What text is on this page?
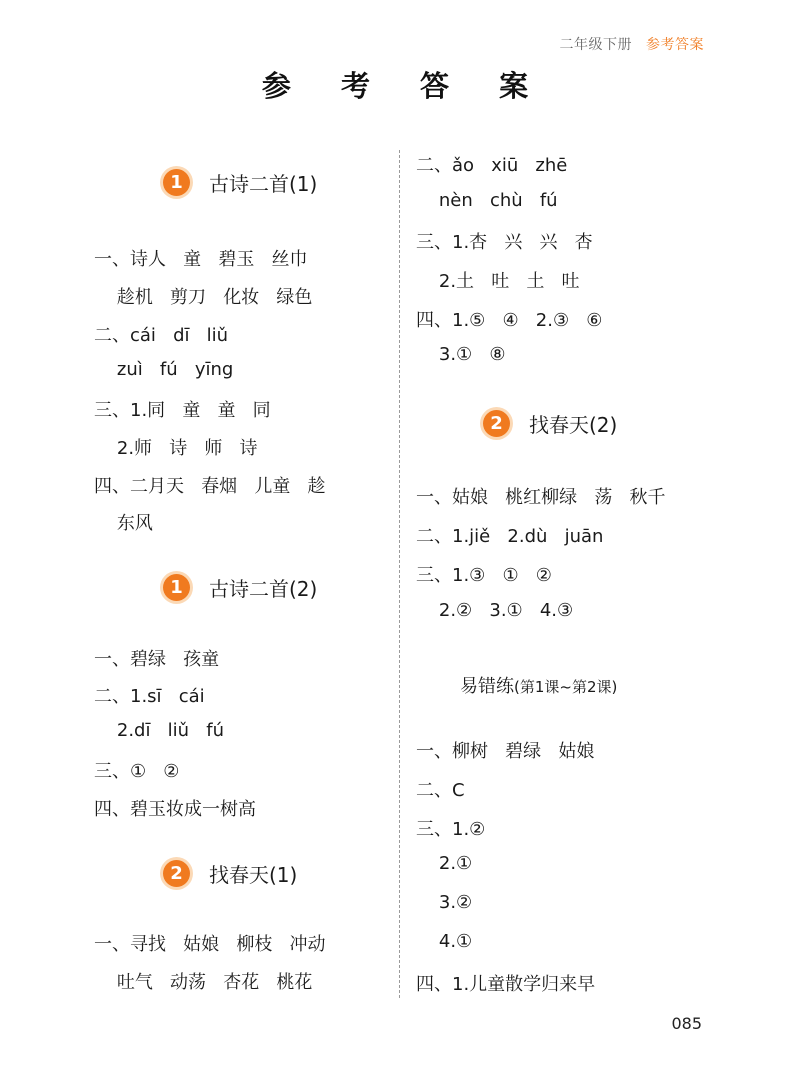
二年级下册 参考答案
参 考 答 案
1	古诗二首(1)
一、诗人   童   碧玉   丝巾
趁机   剪刀   化妆   绿色
二、cái   dī   liǔ
zuì   fú   yīng
三、1.同   童   童   同
2.师   诗   师   诗
四、二月天   春烟   儿童   趁
东风
1	古诗二首(2)
一、碧绿   孩童
二、1.sī   cái
2.dī   liǔ   fú
三、①   ②
四、碧玉妆成一树高
2	找春天(1)
一、寻找   姑娘   柳枝   冲动
吐气   动荡   杏花   桃花
二、ǎo   xiū   zhē
nèn   chù   fú
三、1.杏   兴   兴   杏
2.土   吐   土   吐
四、1.⑤   ④   2.③   ⑥
3.①   ⑧
2	找春天(2)
一、姑娘   桃红柳绿   荡   秋千
二、1.jiě   2.dù   juān
三、1.③   ①   ②
2.②   3.①   4.③
易错练(第1课~第2课)
一、柳树   碧绿   姑娘
二、C
三、1.②
2.①
3.②
4.①
四、1.儿童散学归来早
085
